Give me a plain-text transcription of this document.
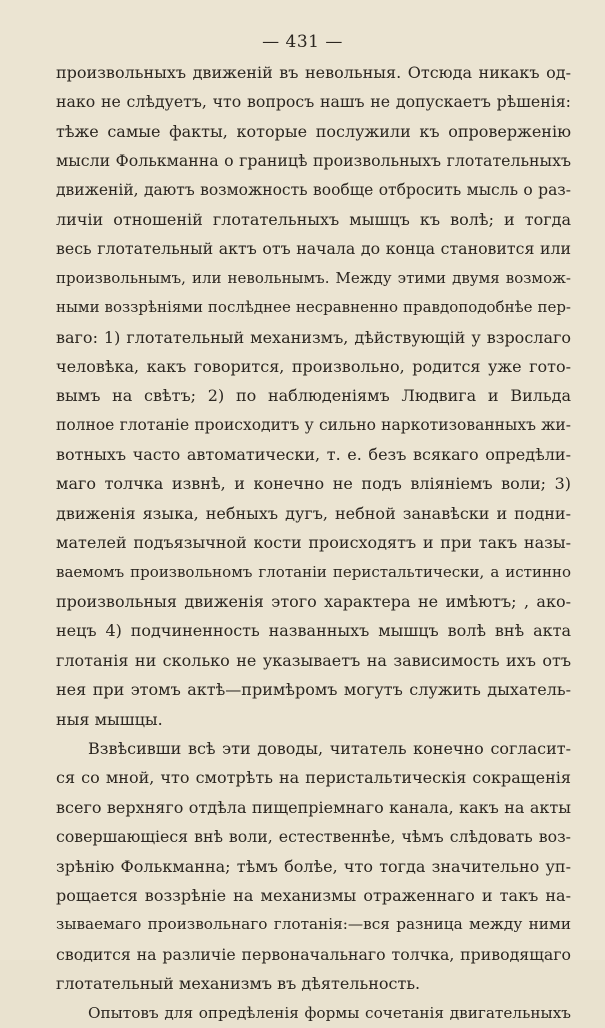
— 431 —
произвольныхъ движеній въ невольныя. Отсюда никакъ од-
нако не слѣдуетъ, что вопросъ нашъ не допускаетъ рѣшенія:
тѣже самые факты, которые послужили къ опроверженію
мысли Фолькманна о границѣ произвольныхъ глотательныхъ
движеній, даютъ возможность вообще отбросить мысль о раз-
личіи отношеній глотательныхъ мышцъ къ волѣ; и тогда
весь глотательный актъ отъ начала до конца становится или
произвольнымъ, или невольнымъ. Между этими двумя возмож-
ными воззрѣніями послѣднее несравненно правдоподобнѣе пер-
ваго: 1) глотательный механизмъ, дѣйствующій у взрослаго
человѣка, какъ говорится, произвольно, родится уже гото-
вымъ на свѣтъ; 2) по наблюденіямъ Людвига и Вильда
полное глотаніе происходитъ у сильно наркотизованныхъ жи-
вотныхъ часто автоматически, т. е. безъ всякаго опредѣли-
маго толчка извнѣ, и конечно не подъ вліяніемъ воли; 3)
движенія языка, небныхъ дугъ, небной занавѣски и подни-
мателей подъязычной кости происходятъ и при такъ назы-
ваемомъ произвольномъ глотаніи перистальтически, а истинно
произвольныя движенія этого характера не имѣютъ; , ако-
нецъ 4) подчиненность названныхъ мышцъ волѣ внѣ акта
глотанія ни сколько не указываетъ на зависимость ихъ отъ
нея при этомъ актѣ—примѣромъ могутъ служить дыхатель-
ныя мышцы.
Взвѣсивши всѣ эти доводы, читатель конечно согласит-
ся со мной, что смотрѣть на перистальтическія сокращенія
всего верхняго отдѣла пищепріемнаго канала, какъ на акты
совершающіеся внѣ воли, естественнѣе, чѣмъ слѣдовать воз-
зрѣнію Фолькманна; тѣмъ болѣе, что тогда значительно уп-
рощается воззрѣніе на механизмы отраженнаго и такъ на-
зываемаго произвольнаго глотанія:—вся разница между ними
сводится на различіе первоначальнаго толчка, приводящаго
глотательный механизмъ въ дѣятельность.
Опытовъ для опредѣленія формы сочетанія двигательныхъ
